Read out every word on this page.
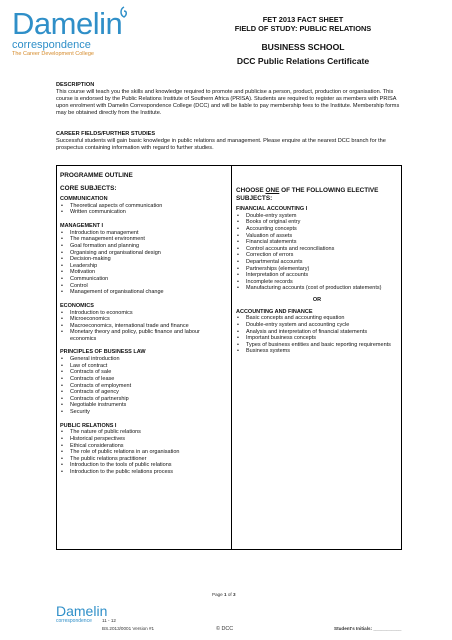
Damelin
correspondence
The Career Development College
FET 2013 FACT SHEET
FIELD OF STUDY: PUBLIC RELATIONS
BUSINESS SCHOOL
DCC Public Relations Certificate
DESCRIPTION
This course will teach you the skills and knowledge required to promote and publicise a person, product, production or organisation. This course is endorsed by the Public Relations Institute of Southern Africa (PRISA). Students are required to register as members with PRISA upon enrolment with Damelin Correspondence College (DCC) and will be liable to pay membership fees to the Institute. Membership forms may be obtained directly from the Institute.
CAREER FIELDS/FURTHER STUDIES
Successful students will gain basic knowledge in public relations and management. Please enquire at the nearest DCC branch for the prospectus containing information with regard to further studies.
PROGRAMME OUTLINE
CORE SUBJECTS:
COMMUNICATION
• Theoretical aspects of communication
• Written communication
MANAGEMENT I
• Introduction to management
• The management environment
• Goal formation and planning
• Organising and organisational design
• Decision-making
• Leadership
• Motivation
• Communication
• Control
• Management of organisational change
ECONOMICS
• Introduction to economics
• Microeconomics
• Macroeconomics, international trade and finance
• Monetary theory and policy, public finance and labour economics
PRINCIPLES OF BUSINESS LAW
• General introduction
• Law of contract
• Contracts of sale
• Contracts of lease
• Contracts of employment
• Contracts of agency
• Contracts of partnership
• Negotiable instruments
• Security
PUBLIC RELATIONS I
• The nature of public relations
• Historical perspectives
• Ethical considerations
• The role of public relations in an organisation
• The public relations practitioner
• Introduction to the tools of public relations
• Introduction to the public relations process
CHOOSE ONE OF THE FOLLOWING ELECTIVE SUBJECTS:
FINANCIAL ACCOUNTING I
• Double-entry system
• Books of original entry
• Accounting concepts
• Valuation of assets
• Financial statements
• Control accounts and reconciliations
• Correction of errors
• Departmental accounts
• Partnerships (elementary)
• Interpretation of accounts
• Incomplete records
• Manufacturing accounts (cost of production statements)
OR
ACCOUNTING AND FINANCE
• Basic concepts and accounting equation
• Double-entry system and accounting cycle
• Analysis and interpretation of financial statements
• Important business concepts
• Types of business entities and basic reporting requirements
• Business systems
Page 1 of 3
Damelin
correspondence	11 - 12
BS.2013/0001 Version #1	© DCC	Student's Initials: ___________
